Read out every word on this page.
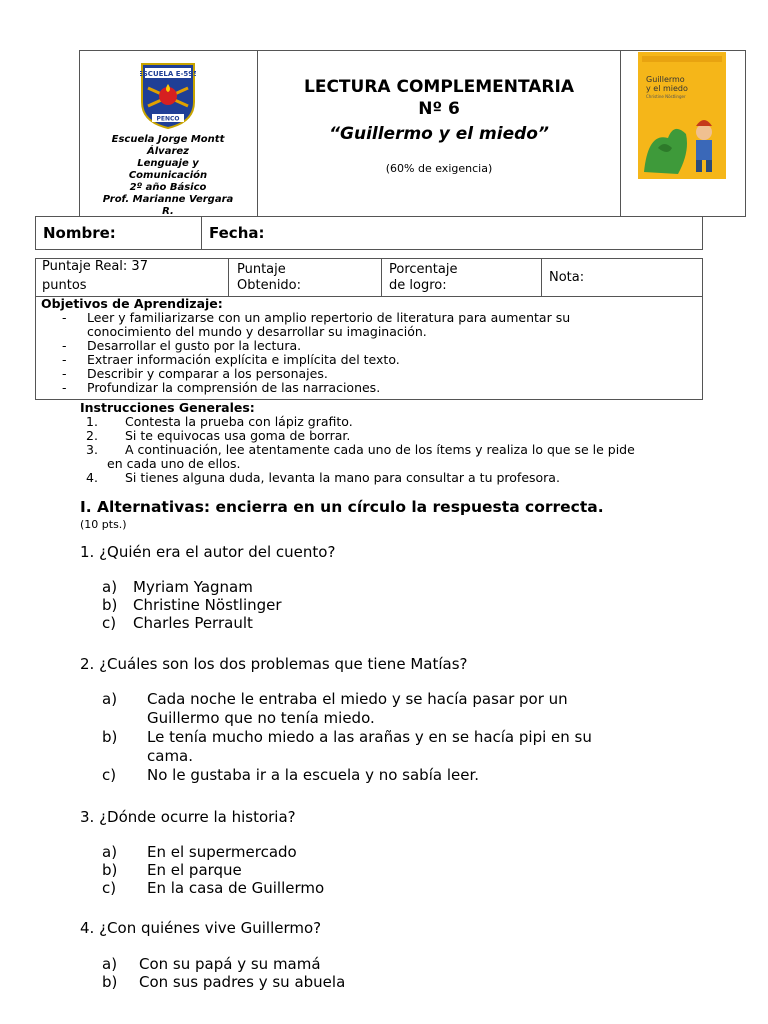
ESCUELA E-595
PENCO
Escuela Jorge Montt
Álvarez
Lenguaje y
Comunicación
2º año Básico
Prof. Marianne Vergara
R.
LECTURA COMPLEMENTARIA
Nº 6
“Guillermo y el miedo”
(60% de exigencia)
Guillermo
y el miedo
Christine Nöstlinger
Nombre:	Fecha:
Puntaje Real: 37
puntos
Puntaje
Obtenido:
Porcentaje
de logro:
Nota:
Objetivos de Aprendizaje:
- Leer y familiarizarse con un amplio repertorio de literatura para aumentar su
conocimiento del mundo y desarrollar su imaginación.
- Desarrollar el gusto por la lectura.
- Extraer información explícita e implícita del texto.
- Describir y comparar a los personajes.
- Profundizar la comprensión de las narraciones.
Instrucciones Generales:
1. Contesta la prueba con lápiz grafito.
2. Si te equivocas usa goma de borrar.
3. A continuación, lee atentamente cada uno de los ítems y realiza lo que se le pide
en cada uno de ellos.
4. Si tienes alguna duda, levanta la mano para consultar a tu profesora.
I. Alternativas: encierra en un círculo la respuesta correcta.
(10 pts.)
1. ¿Quién era el autor del cuento?
a) Myriam Yagnam
b) Christine Nöstlinger
c) Charles Perrault
2. ¿Cuáles son los dos problemas que tiene Matías?
a) Cada noche le entraba el miedo y se hacía pasar por un
Guillermo que no tenía miedo.
b) Le tenía mucho miedo a las arañas y en se hacía pipi en su
cama.
c) No le gustaba ir a la escuela y no sabía leer.
3. ¿Dónde ocurre la historia?
a) En el supermercado
b) En el parque
c) En la casa de Guillermo
4. ¿Con quiénes vive Guillermo?
a) Con su papá y su mamá
b) Con sus padres y su abuela
